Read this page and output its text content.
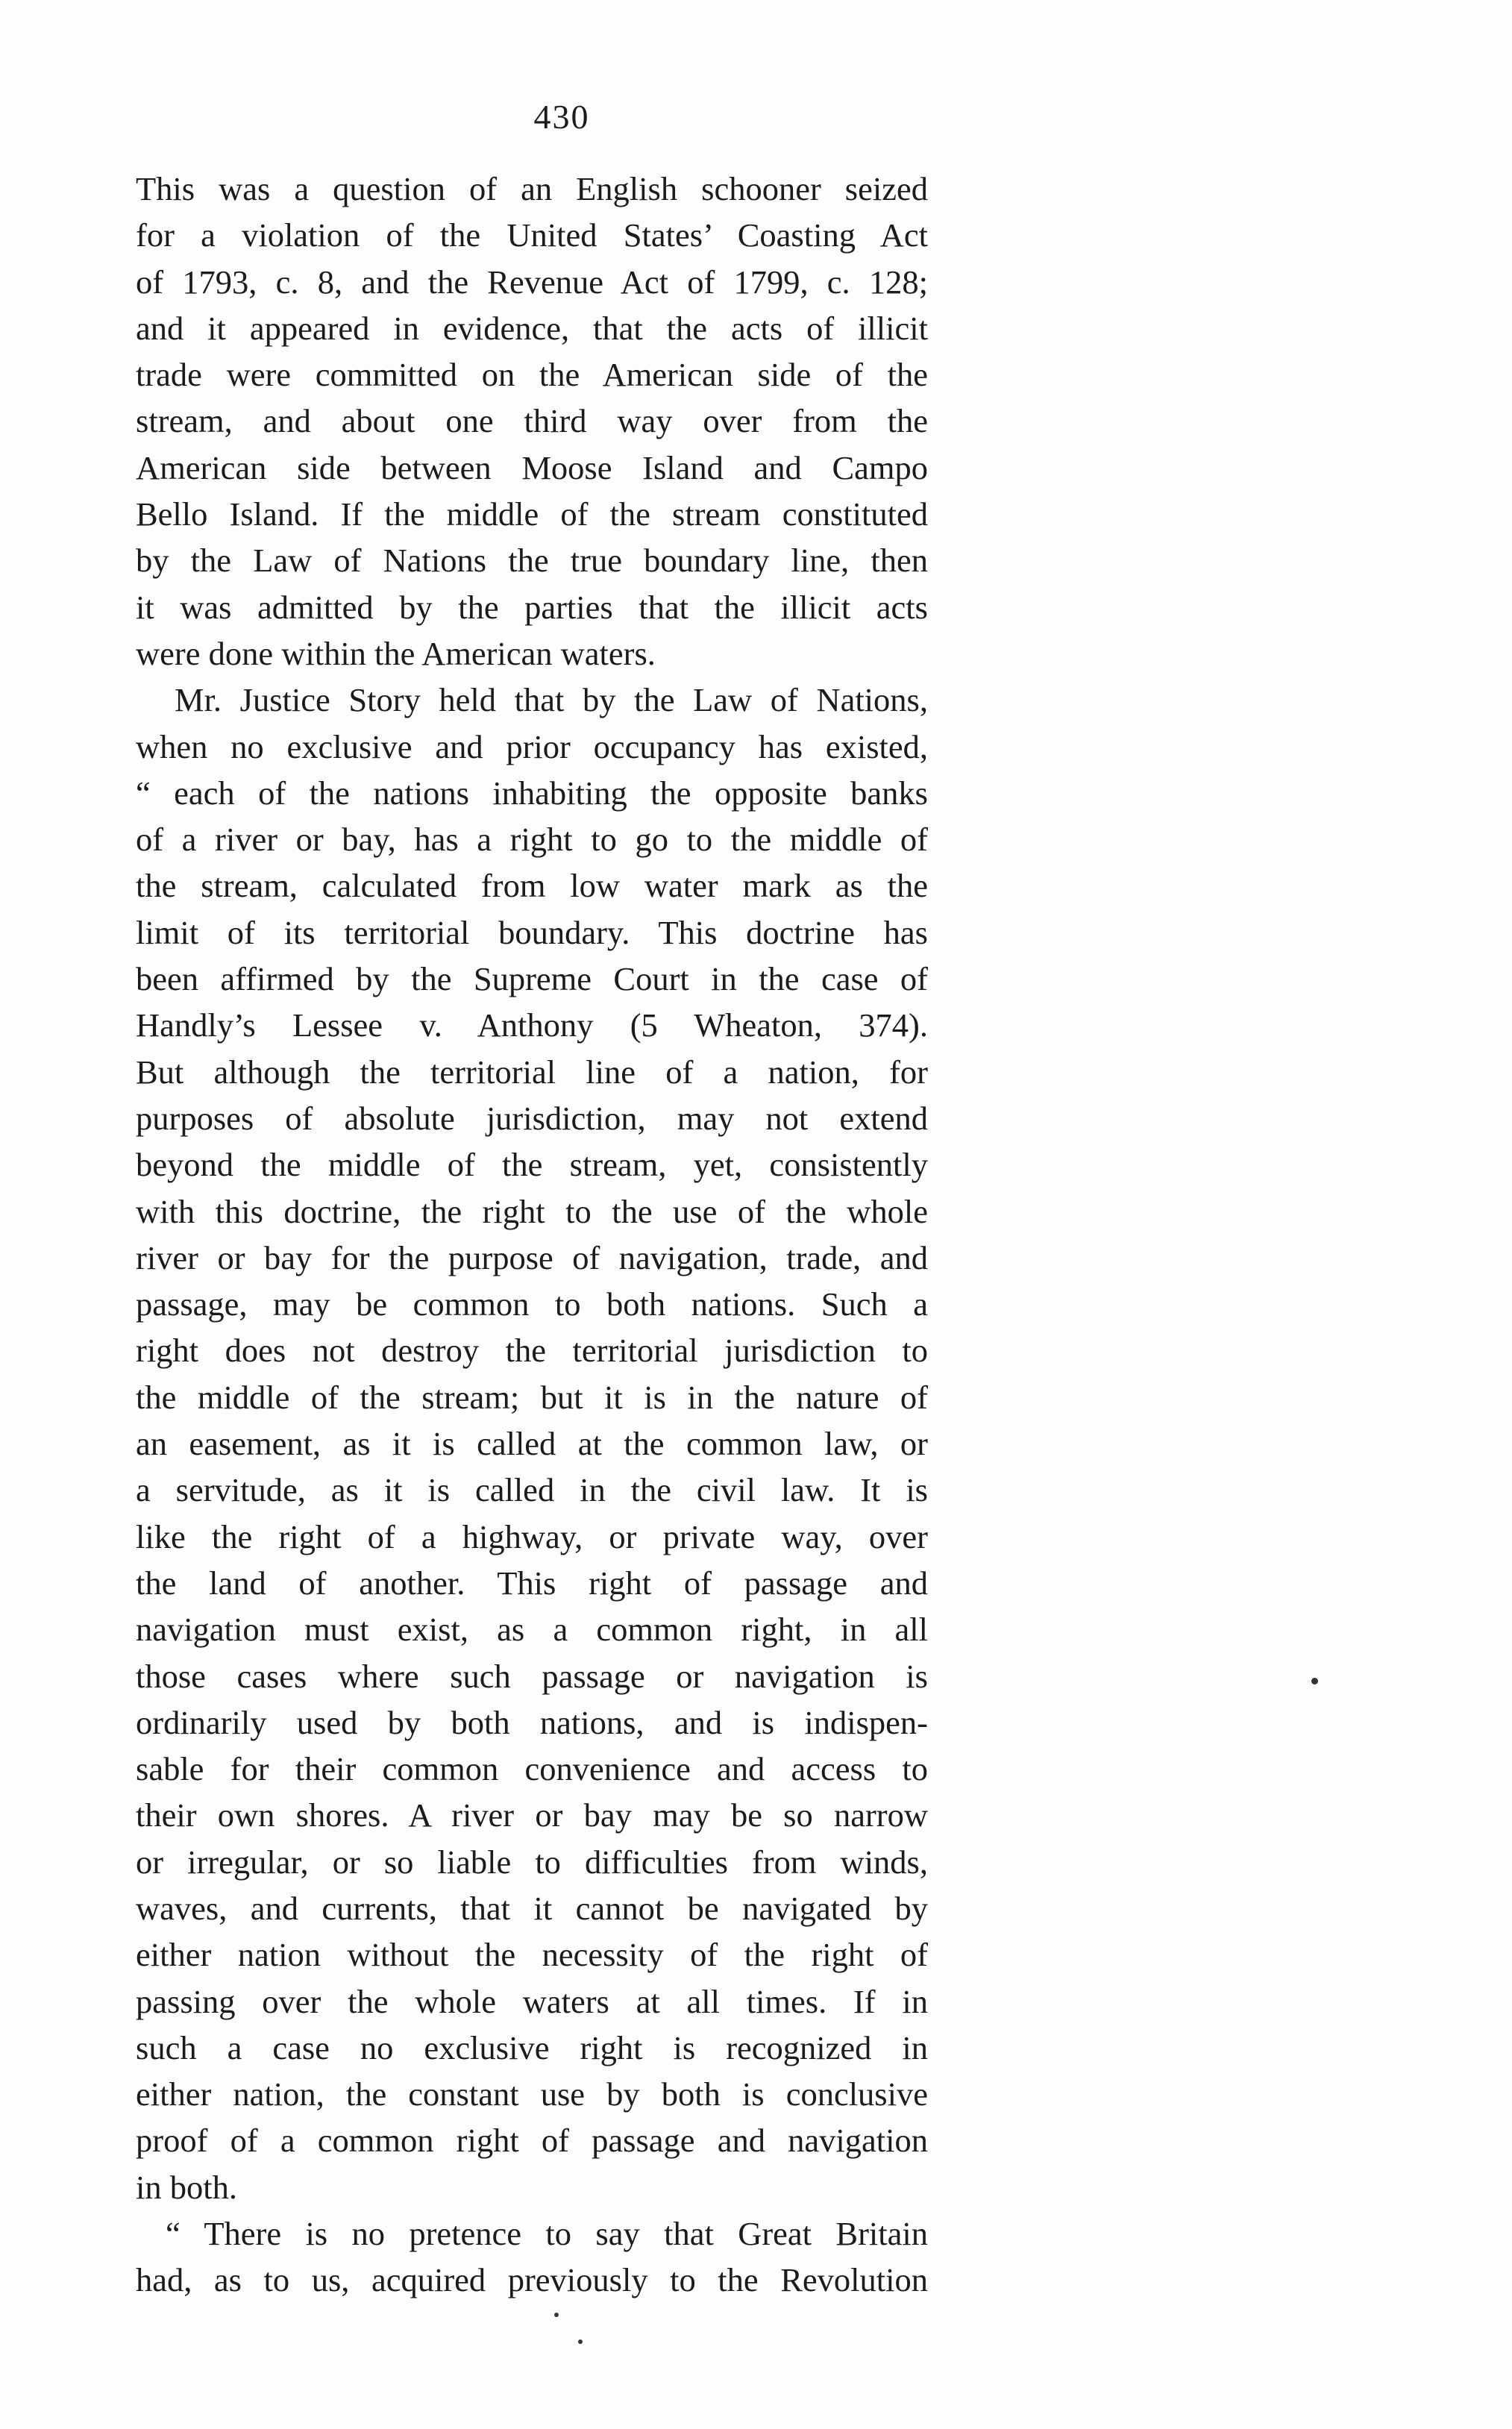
430
This was a question of an English schooner seized
for a violation of the United States’ Coasting Act
of 1793, c. 8, and the Revenue Act of 1799, c. 128;
and it appeared in evidence, that the acts of illicit
trade were committed on the American side of the
stream, and about one third way over from the
American side between Moose Island and Campo
Bello Island. If the middle of the stream constituted
by the Law of Nations the true boundary line, then
it was admitted by the parties that the illicit acts
were done within the American waters.
Mr. Justice Story held that by the Law of Nations,
when no exclusive and prior occupancy has existed,
“ each of the nations inhabiting the opposite banks
of a river or bay, has a right to go to the middle of
the stream, calculated from low water mark as the
limit of its territorial boundary. This doctrine has
been affirmed by the Supreme Court in the case of
Handly’s Lessee v. Anthony (5 Wheaton, 374).
But although the territorial line of a nation, for
purposes of absolute jurisdiction, may not extend
beyond the middle of the stream, yet, consistently
with this doctrine, the right to the use of the whole
river or bay for the purpose of navigation, trade, and
passage, may be common to both nations. Such a
right does not destroy the territorial jurisdiction to
the middle of the stream; but it is in the nature of
an easement, as it is called at the common law, or
a servitude, as it is called in the civil law. It is
like the right of a highway, or private way, over
the land of another. This right of passage and
navigation must exist, as a common right, in all
those cases where such passage or navigation is
ordinarily used by both nations, and is indispen-
sable for their common convenience and access to
their own shores. A river or bay may be so narrow
or irregular, or so liable to difficulties from winds,
waves, and currents, that it cannot be navigated by
either nation without the necessity of the right of
passing over the whole waters at all times. If in
such a case no exclusive right is recognized in
either nation, the constant use by both is conclusive
proof of a common right of passage and navigation
in both.
“ There is no pretence to say that Great Britain
had, as to us, acquired previously to the Revolution
